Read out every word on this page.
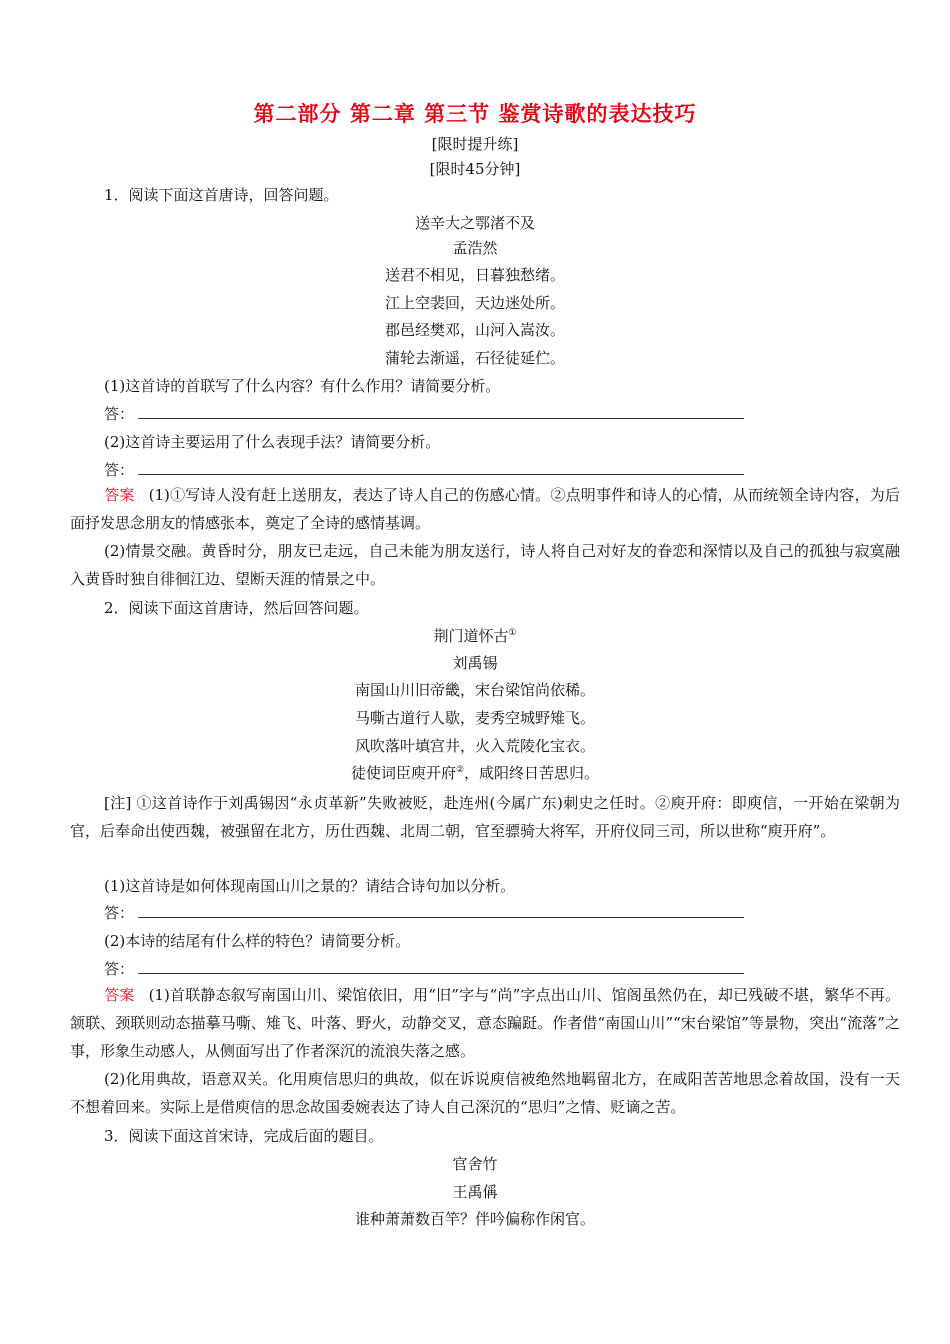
第二部分 第二章 第三节 鉴赏诗歌的表达技巧
[限时提升练]
[限时45分钟]
1．阅读下面这首唐诗，回答问题。
送辛大之鄂渚不及
孟浩然
送君不相见，日暮独愁绪。
江上空裴回，天边迷处所。
郡邑经樊邓，山河入嵩汝。
蒲轮去渐遥，石径徒延伫。
(1)这首诗的首联写了什么内容？有什么作用？请简要分析。
答：
(2)这首诗主要运用了什么表现手法？请简要分析。
答：
答案 (1)①写诗人没有赶上送朋友，表达了诗人自己的伤感心情。②点明事件和诗人的心情，从而统领全诗内容，为后面抒发思念朋友的情感张本，奠定了全诗的感情基调。
(2)情景交融。黄昏时分，朋友已走远，自己未能为朋友送行，诗人将自己对好友的眷恋和深情以及自己的孤独与寂寞融入黄昏时独自徘徊江边、望断天涯的情景之中。
2．阅读下面这首唐诗，然后回答问题。
荆门道怀古①
刘禹锡
南国山川旧帝畿，宋台梁馆尚依稀。
马嘶古道行人歇，麦秀空城野雉飞。
风吹落叶填宫井，火入荒陵化宝衣。
徒使词臣庾开府②，咸阳终日苦思归。
[注] ①这首诗作于刘禹锡因“永贞革新”失败被贬，赴连州(今属广东)刺史之任时。②庾开府：即庾信，一开始在梁朝为官，后奉命出使西魏，被强留在北方，历仕西魏、北周二朝，官至骠骑大将军，开府仪同三司，所以世称“庾开府”。
(1)这首诗是如何体现南国山川之景的？请结合诗句加以分析。
答：
(2)本诗的结尾有什么样的特色？请简要分析。
答：
答案 (1)首联静态叙写南国山川、梁馆依旧，用“旧”字与“尚”字点出山川、馆阁虽然仍在，却已残破不堪，繁华不再。颔联、颈联则动态描摹马嘶、雉飞、叶落、野火，动静交叉，意态蹁跹。作者借“南国山川”“宋台梁馆”等景物，突出“流落”之事，形象生动感人，从侧面写出了作者深沉的流浪失落之感。
(2)化用典故，语意双关。化用庾信思归的典故，似在诉说庾信被绝然地羁留北方，在咸阳苦苦地思念着故国，没有一天不想着回来。实际上是借庾信的思念故国委婉表达了诗人自己深沉的“思归”之情、贬谪之苦。
3．阅读下面这首宋诗，完成后面的题目。
官舍竹
王禹偁
谁种萧萧数百竿？伴吟偏称作闲官。
